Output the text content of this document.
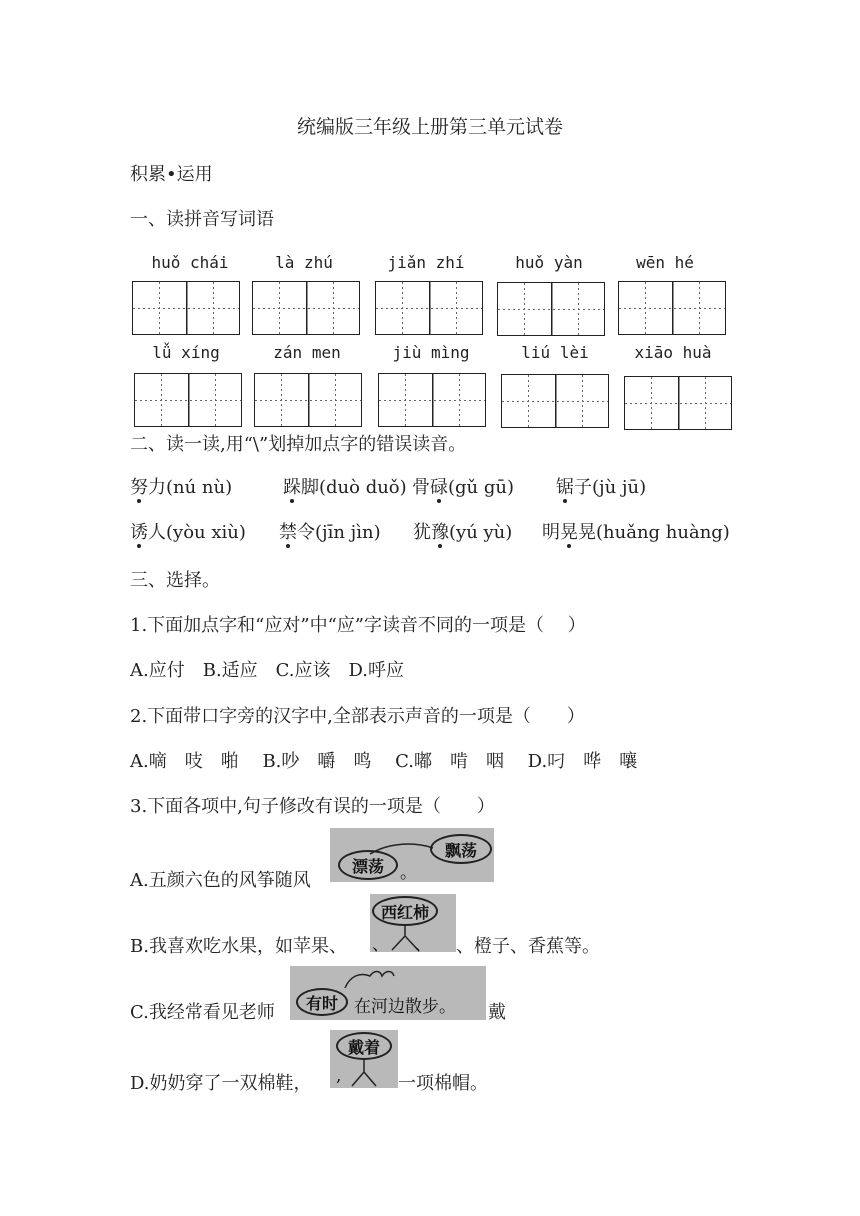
统编版三年级上册第三单元试卷
积累•运用
一、读拼音写词语
huǒ chái	là zhú	jiǎn zhí	huǒ yàn	wēn hé
lǚ xíng	zán men	jiù mìng	liú lèi	xiāo huà
二、读一读,用“\”划掉加点字的错误读音。
努力(nú nù)	跺脚(duò duǒ) 骨碌(gǔ gū) 锯子(jù jū)
诱人(yòu xiù) 禁令(jīn jìn) 犹豫(yú yù) 明晃晃(huǎng huàng)
三、选择。
1.下面加点字和“应对”中“应”字读音不同的一项是（　 ）
A.应付　B.适应　C.应该　D.呼应
2.下面带口字旁的汉字中,全部表示声音的一项是（　　）
A.嘀　吱　啪　 B.吵　嚼　鸣　 C.嘟　啃　咽　 D.叼　哗　嚷
3.下面各项中,句子修改有误的一项是（　　）
A.五颜六色的风筝随风
漂荡
飘荡
。
B.我喜欢吃水果，如苹果、
西红柿
、　　、 、橙子、香蕉等。
C.我经常看见老师	有时 在河边散步。 戴
D.奶奶穿了一双棉鞋，
戴着
,	一项棉帽。
